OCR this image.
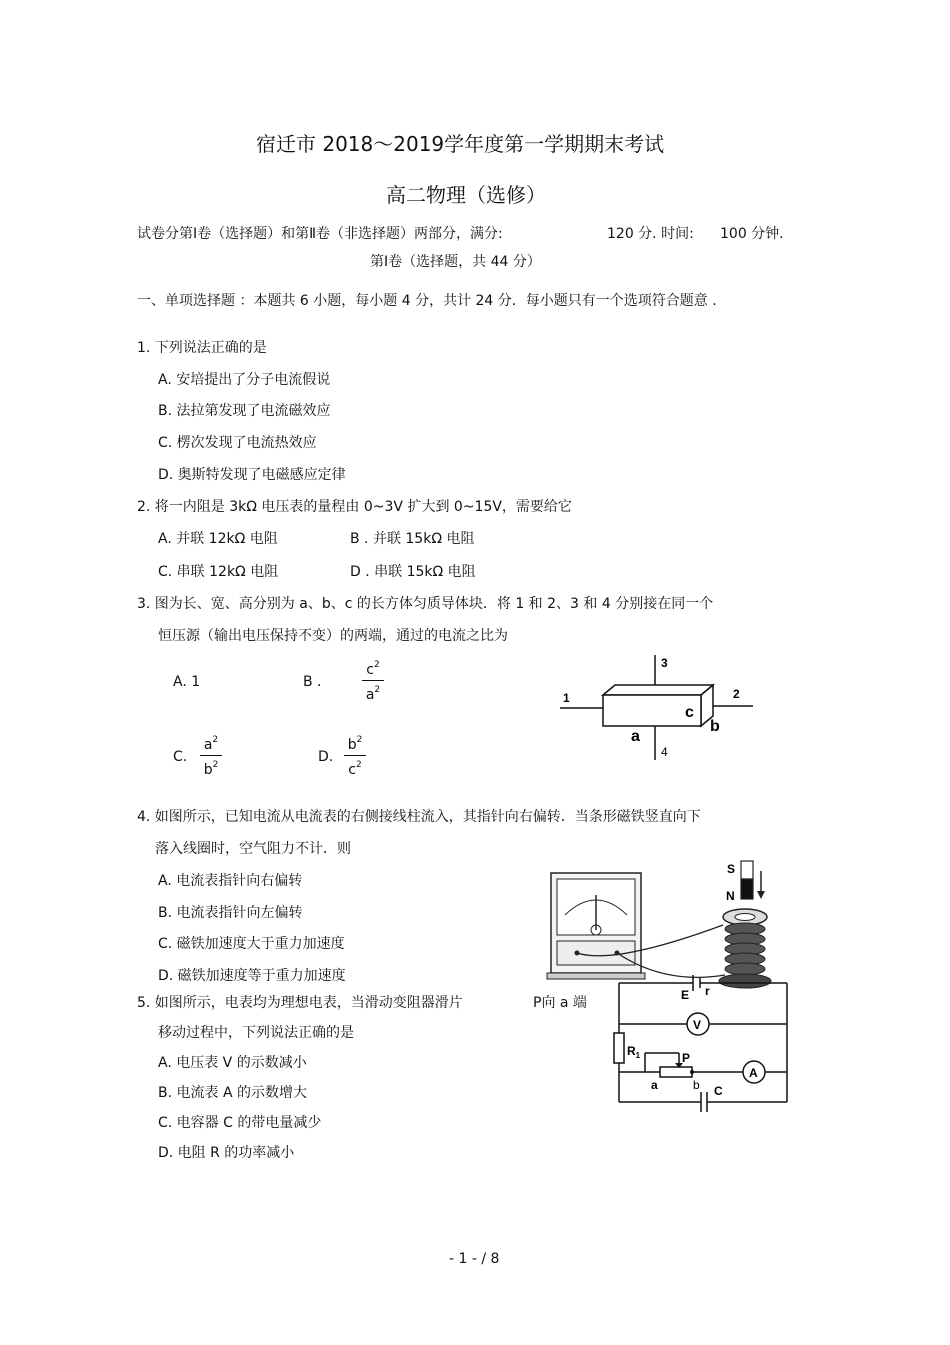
宿迁市 2018～2019学年度第一学期期末考试
高二物理（选修）
试卷分第Ⅰ卷（选择题）和第Ⅱ卷（非选择题）两部分，满分:	120 分. 时间: 100 分钟.
第Ⅰ卷（选择题，共 44 分）
一、单项选择题 ：本题共 6 小题，每小题 4 分，共计 24 分．每小题只有一个选项符合题意 .
1. 下列说法正确的是
A. 安培提出了分子电流假说
B. 法拉第发现了电流磁效应
C. 楞次发现了电流热效应
D. 奥斯特发现了电磁感应定律
2. 将一内阻是 3kΩ 电压表的量程由 0~3V 扩大到 0~15V，需要给它
A. 并联 12kΩ 电阻	B . 并联 15kΩ 电阻
C. 串联 12kΩ 电阻	D . 串联 15kΩ 电阻
3. 图为长、宽、高分别为 a、b、c 的长方体匀质导体块．将 1 和 2、3 和 4 分别接在同一个
恒压源（输出电压保持不变）的两端，通过的电流之比为
A. 1	B .
$c^2$
$a^2$
C.
$a^2$
$b^2$	D.
$b^2$
$c^2$
3
1	2
4
a
b
c
4. 如图所示，已知电流从电流表的右侧接线柱流入，其指针向右偏转．当条形磁铁竖直向下
落入线圈时，空气阻力不计．则
A. 电流表指针向右偏转
B. 电流表指针向左偏转
C. 磁铁加速度大于重力加速度
D. 磁铁加速度等于重力加速度
S
N
5. 如图所示，电表均为理想电表，当滑动变阻器滑片	P向 a 端
移动过程中，下列说法正确的是
A. 电压表 V 的示数减小
B. 电流表 A 的示数增大
C. 电容器 C 的带电量减少
D. 电阻 R 的功率减小
V
A
E r
$R_1$	P
a	b C
- 1 - / 8
